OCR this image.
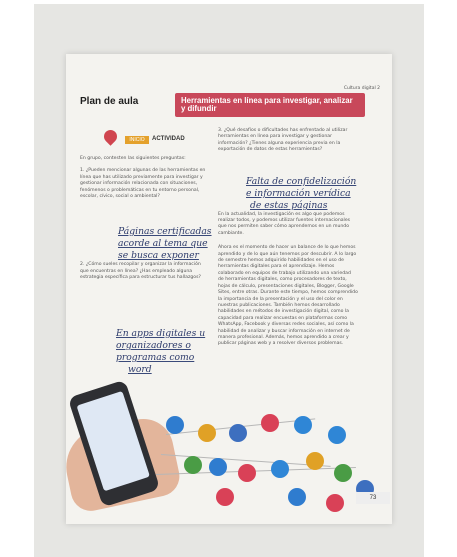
Cultura digital 2
Plan de aula	Herramientas en línea para investigar, analizar y difundir
INICIO	ACTIVIDAD
En grupo, contesten las siguientes preguntas:
1. ¿Pueden mencionar algunas de las herramientas en línea que has utilizado previamente para investigar y gestionar información relacionada con situaciones, fenómenos o problemáticas en tu entorno personal, escolar, cívico, social o ambiental?
2. ¿Cómo sueles recopilar y organizar la información que encuentras en línea? ¿Has empleado alguna estrategia específica para estructurar tus hallazgos?
3. ¿Qué desafíos o dificultades has enfrentado al utilizar herramientas en línea para investigar y gestionar información? ¿Tienes alguna experiencia previa en la exportación de datos de estas herramientas?
En la actualidad, la investigación es algo que podemos realizar todos, y podemos utilizar fuentes internacionales que nos permiten saber cómo aprendemos en un mundo cambiante.
Ahora es el momento de hacer un balance de lo que hemos aprendido y de lo que aún tenemos por descubrir. A lo largo de semestre hemos adquirido habilidades en el uso de herramientas digitales para el aprendizaje. Hemos colaborado en equipos de trabajo utilizando una variedad de herramientas digitales, como procesadores de texto, hojas de cálculo, presentaciones digitales, Blogger, Google Sites, entre otras. Durante este tiempo, hemos comprendido la importancia de la presentación y el uso del color en nuestras publicaciones. También hemos desarrollado habilidades en métodos de investigación digital, como la capacidad para realizar encuestas en plataformas como WhatsApp, Facebook y diversas redes sociales, así como la habilidad de analizar y buscar información en internet de manera profesional. Además, hemos aprendido a crear y publicar páginas web y a resolver diversos problemas.
Páginas certificadas
acorde al tema que
se busca exponer
En apps digitales u
organizadores o
programas como
word
Falta de confidelización
e información verídica
de estas páginas
73
